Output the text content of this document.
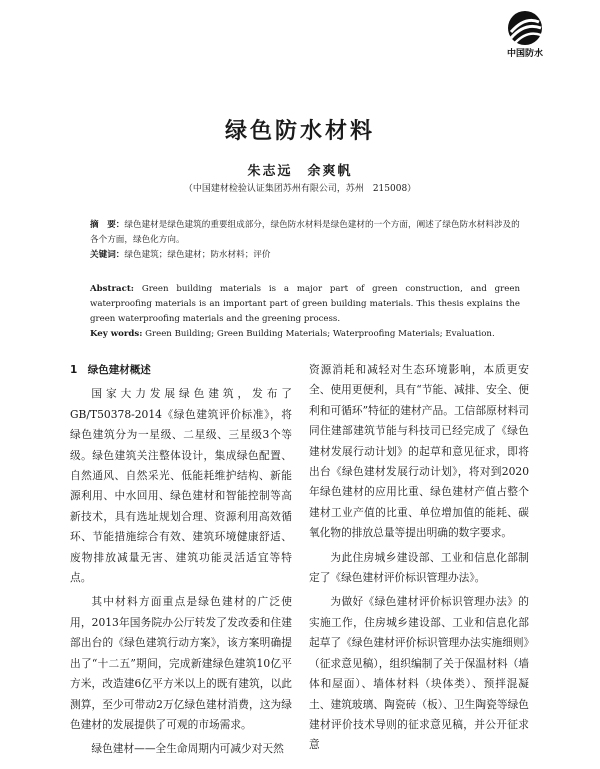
中国防水
绿色防水材料
朱志远　余爽帆
（中国建材检验认证集团苏州有限公司，苏州　215008）
摘　要：绿色建材是绿色建筑的重要组成部分，绿色防水材料是绿色建材的一个方面，阐述了绿色防水材料涉及的各个方面，绿色化方向。
关键词：绿色建筑；绿色建材；防水材料；评价
Abstract: Green building materials is a major part of green construction, and green waterproofing materials is an important part of green building materials. This thesis explains the green waterproofing materials and the greening process.
Key words: Green Building; Green Building Materials; Waterproofing Materials; Evaluation.

1　绿色建材概述

国家大力发展绿色建筑，发布了GB/T50378-2014《绿色建筑评价标准》，将绿色建筑分为一星级、二星级、三星级3个等级。绿色建筑关注整体设计，集成绿色配置、自然通风、自然采光、低能耗维护结构、新能源利用、中水回用、绿色建材和智能控制等高新技术，具有选址规划合理、资源利用高效循环、节能措施综合有效、建筑环境健康舒适、废物排放减量无害、建筑功能灵活适宜等特点。

其中材料方面重点是绿色建材的广泛使用，2013年国务院办公厅转发了发改委和住建部出台的《绿色建筑行动方案》，该方案明确提出了“十二五”期间，完成新建绿色建筑10亿平方米，改造建6亿平方米以上的既有建筑，以此测算，至少可带动2万亿绿色建材消费，这为绿色建材的发展提供了可观的市场需求。

绿色建材——全生命周期内可减少对天然

资源消耗和减轻对生态环境影响，本质更安全、使用更便利，具有“节能、减排、安全、便利和可循环”特征的建材产品。工信部原材料司同住建部建筑节能与科技司已经完成了《绿色建材发展行动计划》的起草和意见征求，即将出台《绿色建材发展行动计划》，将对到2020年绿色建材的应用比重、绿色建材产值占整个建材工业产值的比重、单位增加值的能耗、碳氧化物的排放总量等提出明确的数字要求。

为此住房城乡建设部、工业和信息化部制定了《绿色建材评价标识管理办法》。

为做好《绿色建材评价标识管理办法》的实施工作，住房城乡建设部、工业和信息化部起草了《绿色建材评价标识管理办法实施细则》（征求意见稿），组织编制了关于保温材料（墙体和屋面）、墙体材料（块体类）、预拌混凝土、建筑玻璃、陶瓷砖（板）、卫生陶瓷等绿色建材评价技术导则的征求意见稿，并公开征求意
